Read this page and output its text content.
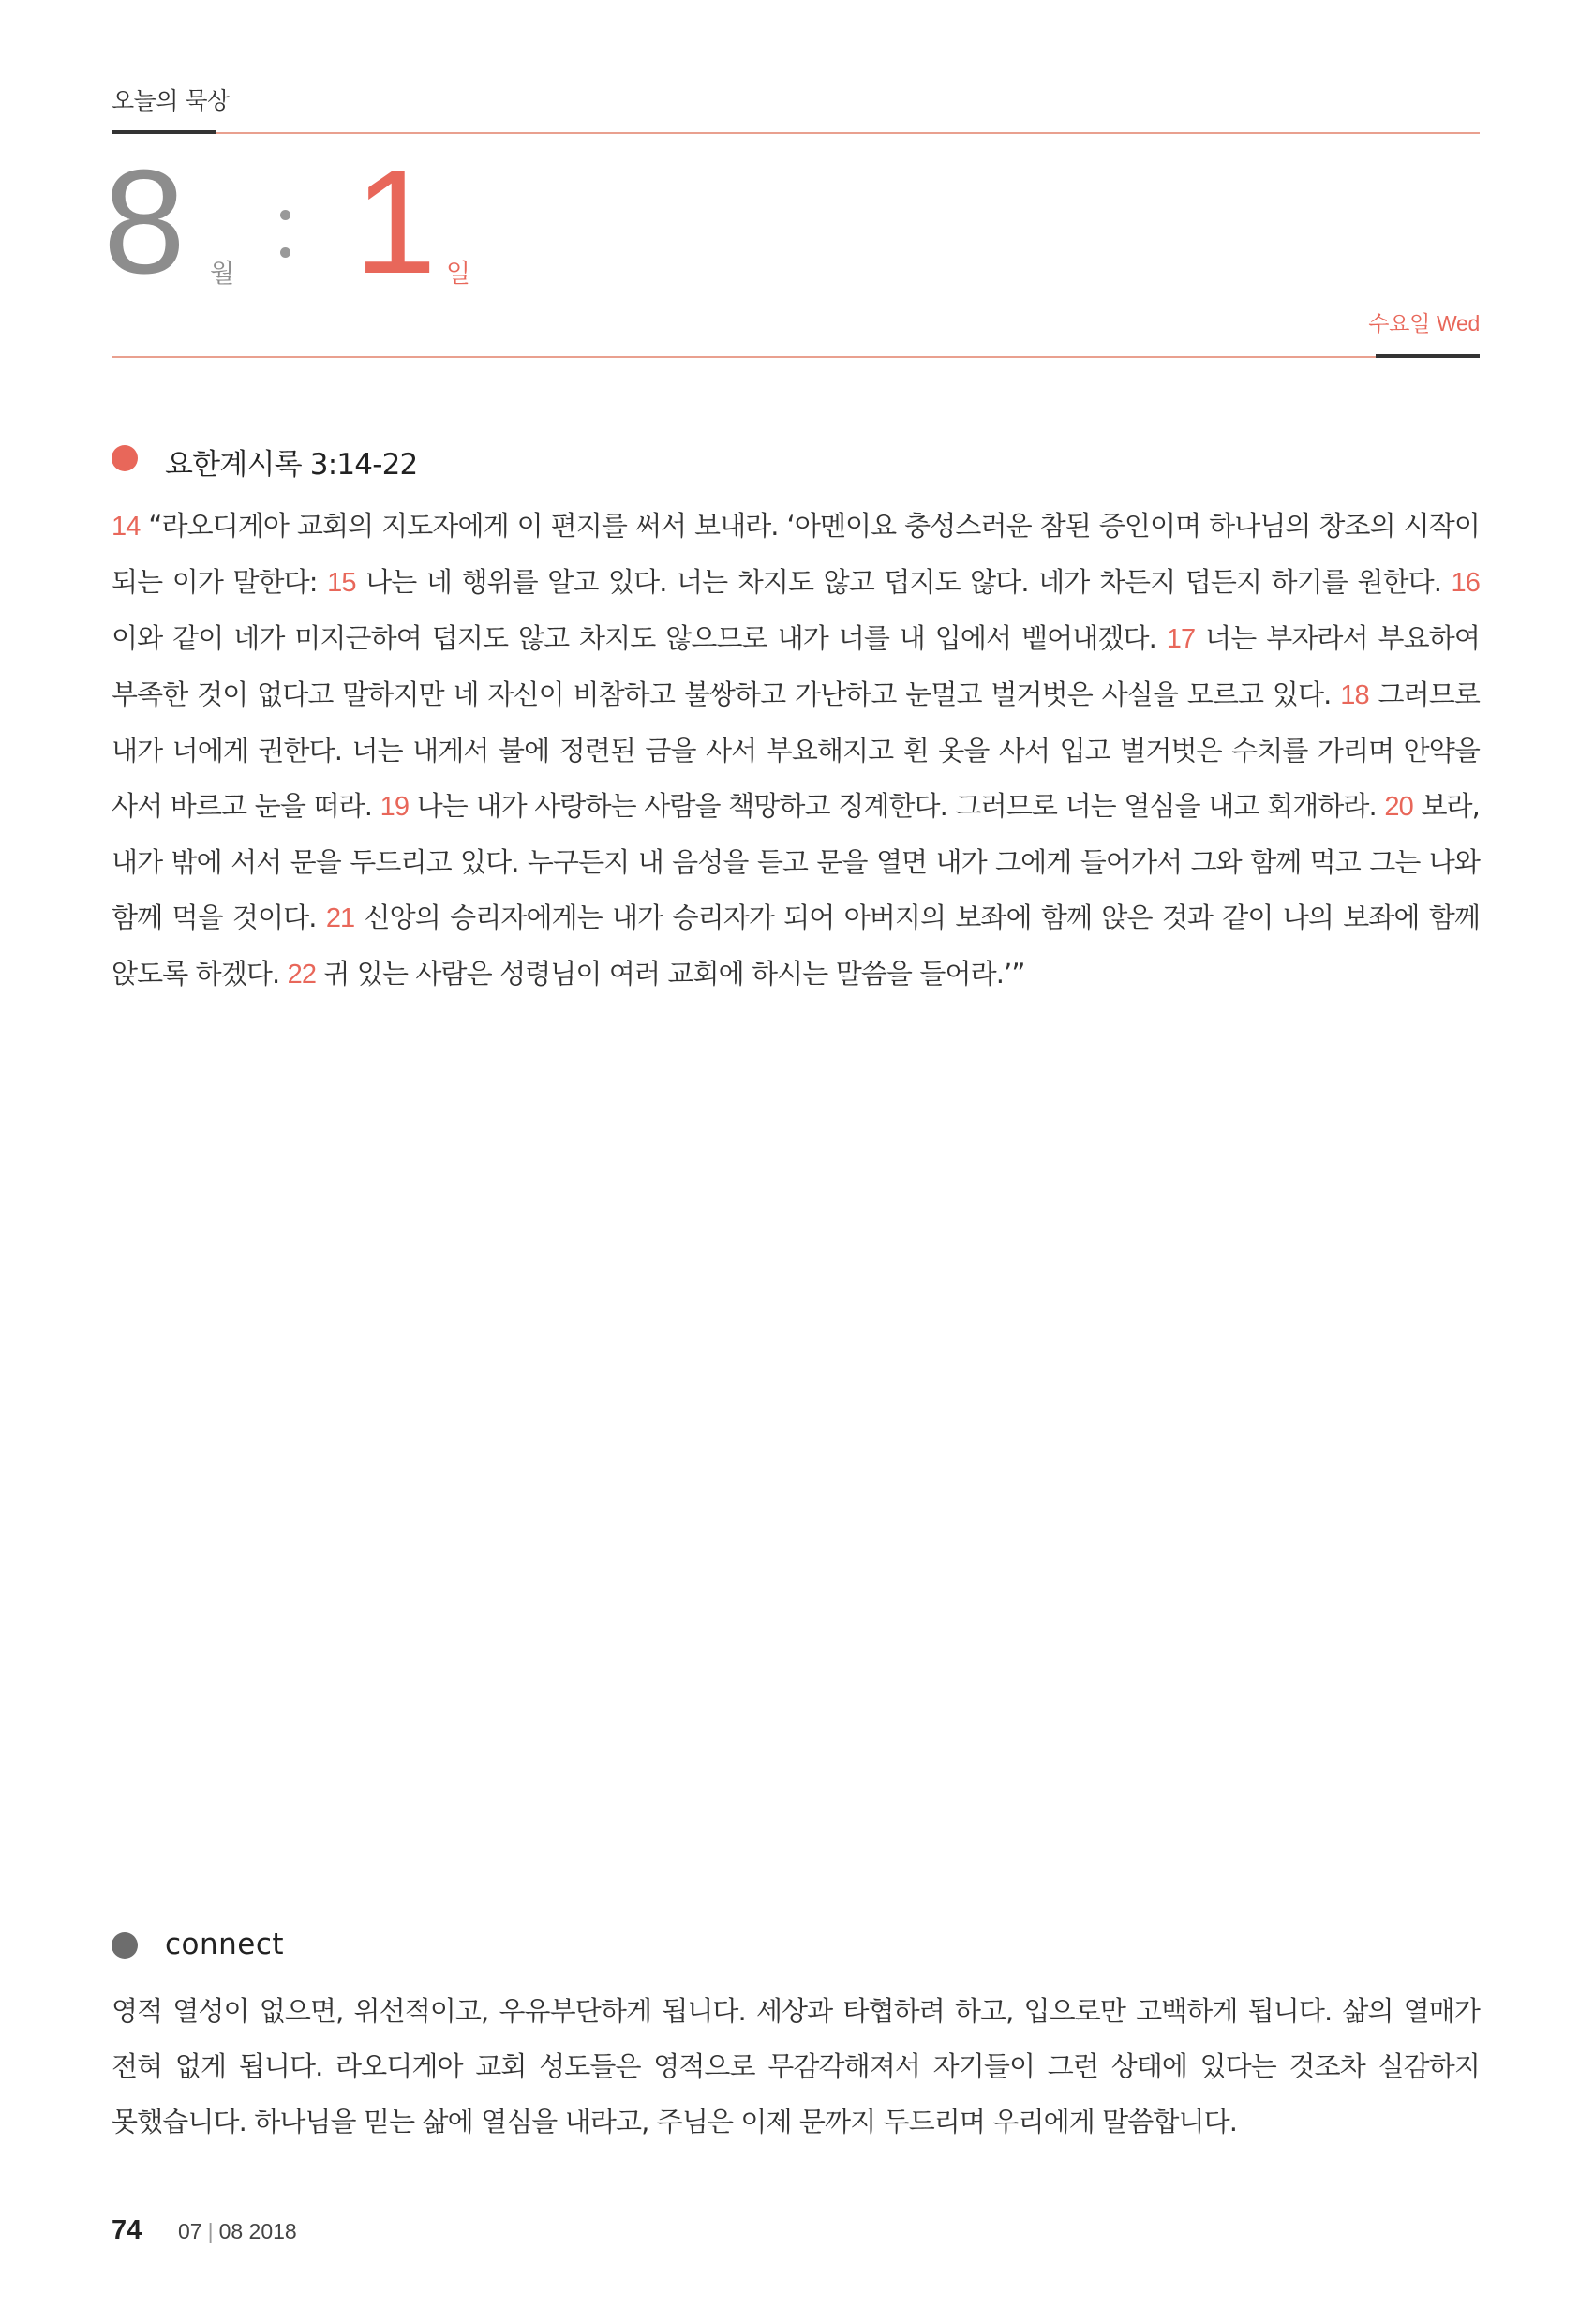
오늘의 묵상
8 월 1 일
수요일 Wed
요한계시록 3:14-22
14 “라오디게아 교회의 지도자에게 이 편지를 써서 보내라. ‘아멘이요 충성스러운 참된 증인이며 하나님의 창조의 시작이 되는 이가 말한다: 15 나는 네 행위를 알고 있다. 너는 차지도 않고 덥지도 않다. 네가 차든지 덥든지 하기를 원한다. 16 이와 같이 네가 미지근하여 덥지도 않고 차지도 않으므로 내가 너를 내 입에서 뱉어내겠다. 17 너는 부자라서 부요하여 부족한 것이 없다고 말하지만 네 자신이 비참하고 불쌍하고 가난하고 눈멀고 벌거벗은 사실을 모르고 있다. 18 그러므로 내가 너에게 권한다. 너는 내게서 불에 정련된 금을 사서 부요해지고 흰 옷을 사서 입고 벌거벗은 수치를 가리며 안약을 사서 바르고 눈을 떠라. 19 나는 내가 사랑하는 사람을 책망하고 징계한다. 그러므로 너는 열심을 내고 회개하라. 20 보라, 내가 밖에 서서 문을 두드리고 있다. 누구든지 내 음성을 듣고 문을 열면 내가 그에게 들어가서 그와 함께 먹고 그는 나와 함께 먹을 것이다. 21 신앙의 승리자에게는 내가 승리자가 되어 아버지의 보좌에 함께 앉은 것과 같이 나의 보좌에 함께 앉도록 하겠다. 22 귀 있는 사람은 성령님이 여러 교회에 하시는 말씀을 들어라.’”
connect
영적 열성이 없으면, 위선적이고, 우유부단하게 됩니다. 세상과 타협하려 하고, 입으로만 고백하게 됩니다. 삶의 열매가 전혀 없게 됩니다. 라오디게아 교회 성도들은 영적으로 무감각해져서 자기들이 그런 상태에 있다는 것조차 실감하지 못했습니다. 하나님을 믿는 삶에 열심을 내라고, 주님은 이제 문까지 두드리며 우리에게 말씀합니다.
74 07 | 08 2018
